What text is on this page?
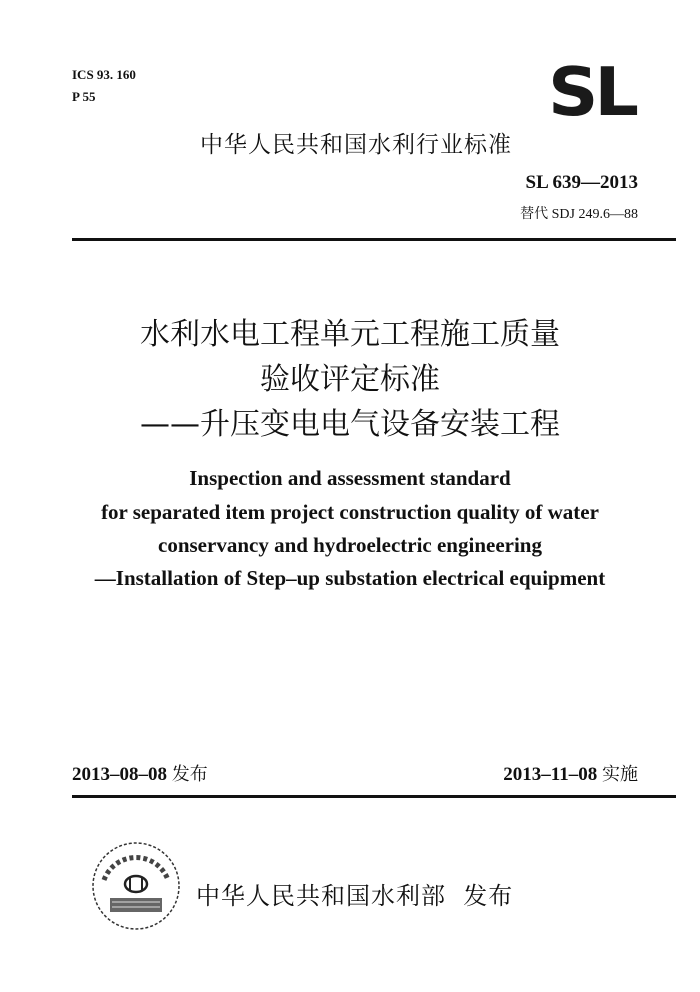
ICS 93. 160
P 55	SL
中华人民共和国水利行业标准
SL 639—2013
替代 SDJ 249.6—88
水利水电工程单元工程施工质量
验收评定标准
——升压变电电气设备安装工程
Inspection and assessment standard
for separated item project construction quality of water
conservancy and hydroelectric engineering
—Installation of Step–up substation electrical equipment
2013–08–08 发布	2013–11–08 实施
中华人民共和国水利部 发布
